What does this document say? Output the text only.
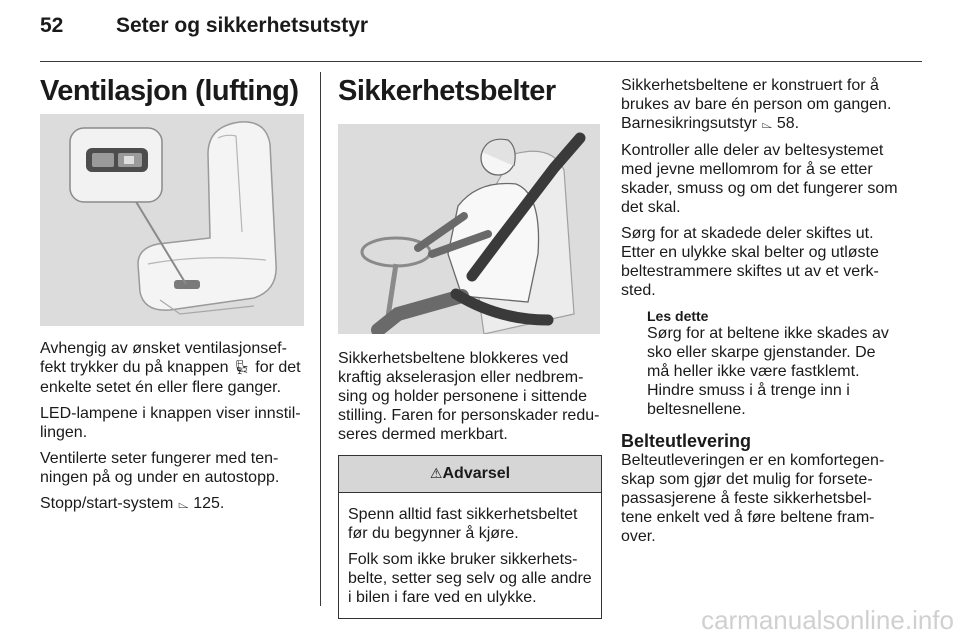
52	Seter og sikkerhetsutstyr
Ventilasjon (lufting)

Avhengig av ønsket ventilasjonsef-fekt trykker du på knappen 💺︎ for det enkelte setet én eller flere ganger.

LED-lampene i knappen viser innstil-lingen.

Ventilerte seter fungerer med ten-ningen på og under en autostopp.

Stopp/start-system ⌳ 125.

Sikkerhetsbelter

Sikkerhetsbeltene blokkeres ved kraftig akselerasjon eller nedbrem-sing og holder personene i sittende stilling. Faren for personskader redu-seres dermed merkbart.

⚠Advarsel

Spenn alltid fast sikkerhetsbeltet før du begynner å kjøre.

Folk som ikke bruker sikkerhets-belte, setter seg selv og alle andre i bilen i fare ved en ulykke.

Sikkerhetsbeltene er konstruert for å brukes av bare én person om gangen. Barnesikringsutstyr ⌳ 58.

Kontroller alle deler av beltesystemet med jevne mellomrom for å se etter skader, smuss og om det fungerer som det skal.

Sørg for at skadede deler skiftes ut. Etter en ulykke skal belter og utløste beltestrammere skiftes ut av et verk-sted.

Les dette

Sørg for at beltene ikke skades av sko eller skarpe gjenstander. De må heller ikke være fastklemt. Hindre smuss i å trenge inn i beltesnellene.

Belteutlevering

Belteutleveringen er en komfortegen-skap som gjør det mulig for forsete-passasjerene å feste sikkerhetsbel-tene enkelt ved å føre beltene fram-over.

carmanualsonline.info
